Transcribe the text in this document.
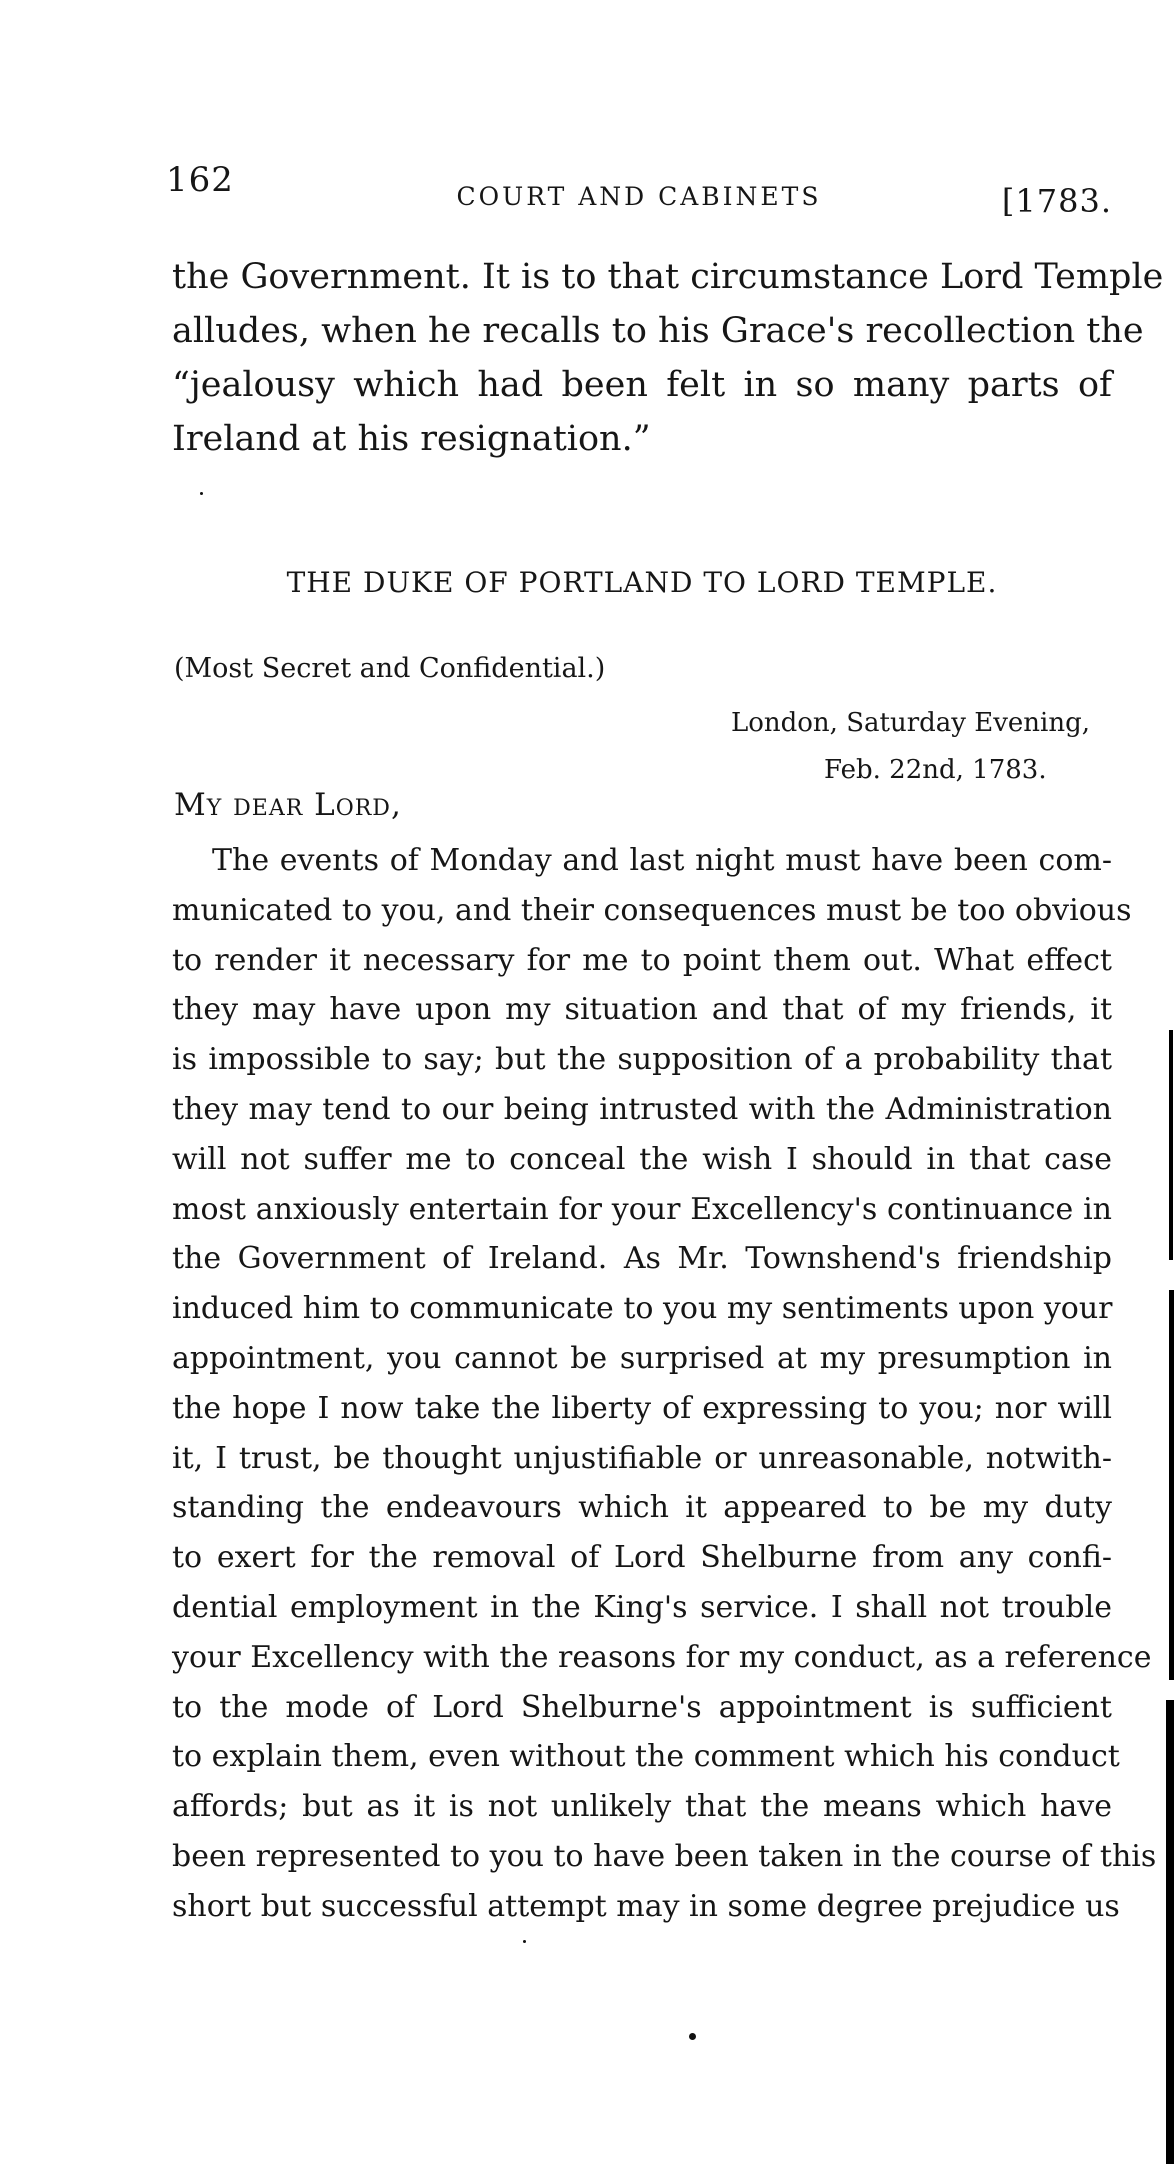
162	COURT AND CABINETS	[1783.

the Government. It is to that circumstance Lord Temple
alludes, when he recalls to his Grace's recollection the
“jealousy which had been felt in so many parts of
Ireland at his resignation.”

THE DUKE OF PORTLAND TO LORD TEMPLE.
(Most Secret and Confidential.)
London, Saturday Evening,
Feb. 22nd, 1783.
My dear Lord,

The events of Monday and last night must have been com-
municated to you, and their consequences must be too obvious
to render it necessary for me to point them out. What effect
they may have upon my situation and that of my friends, it
is impossible to say; but the supposition of a probability that
they may tend to our being intrusted with the Administration
will not suffer me to conceal the wish I should in that case
most anxiously entertain for your Excellency's continuance in
the Government of Ireland. As Mr. Townshend's friendship
induced him to communicate to you my sentiments upon your
appointment, you cannot be surprised at my presumption in
the hope I now take the liberty of expressing to you; nor will
it, I trust, be thought unjustifiable or unreasonable, notwith-
standing the endeavours which it appeared to be my duty
to exert for the removal of Lord Shelburne from any confi-
dential employment in the King's service. I shall not trouble
your Excellency with the reasons for my conduct, as a reference
to the mode of Lord Shelburne's appointment is sufficient
to explain them, even without the comment which his conduct
affords; but as it is not unlikely that the means which have
been represented to you to have been taken in the course of this
short but successful attempt may in some degree prejudice us
